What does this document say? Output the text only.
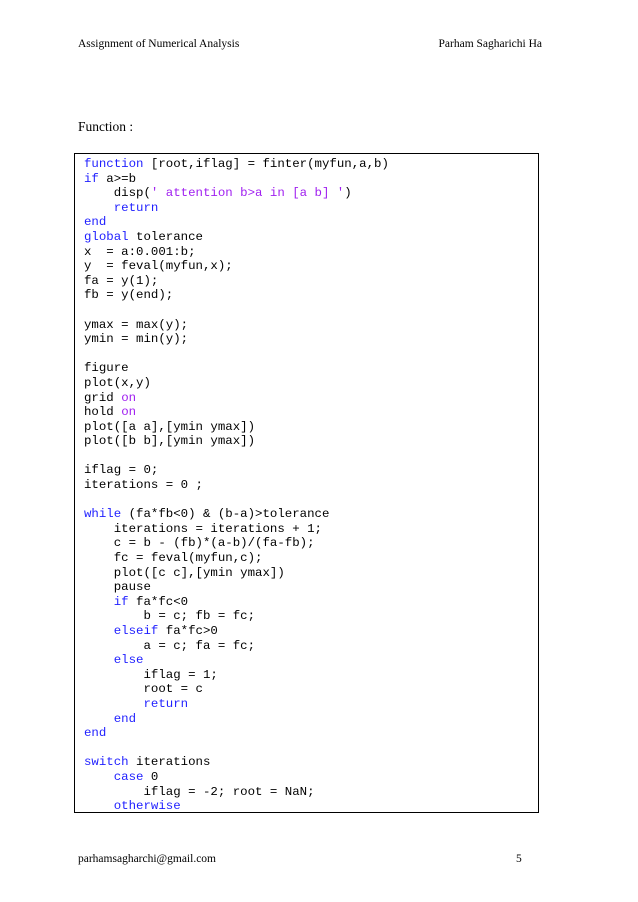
Assignment of Numerical Analysis	Parham Sagharichi Ha
Function :
function [root,iflag] = finter(myfun,a,b)
if a>=b
disp(' attention b>a in [a b] ')
return
end
global tolerance
x  = a:0.001:b;
y  = feval(myfun,x);
fa = y(1);
fb = y(end);
ymax = max(y);
ymin = min(y);
figure
plot(x,y)
grid on
hold on
plot([a a],[ymin ymax])
plot([b b],[ymin ymax])
iflag = 0;
iterations = 0 ;
while (fa*fb<0) & (b-a)>tolerance
iterations = iterations + 1;
c = b - (fb)*(a-b)/(fa-fb);
fc = feval(myfun,c);
plot([c c],[ymin ymax])
pause
if fa*fc<0
b = c; fb = fc;
elseif fa*fc>0
a = c; fa = fc;
else
iflag = 1;
root = c
return
end
end
switch iterations
case 0
iflag = -2; root = NaN;
otherwise
parhamsagharchi@gmail.com	5
